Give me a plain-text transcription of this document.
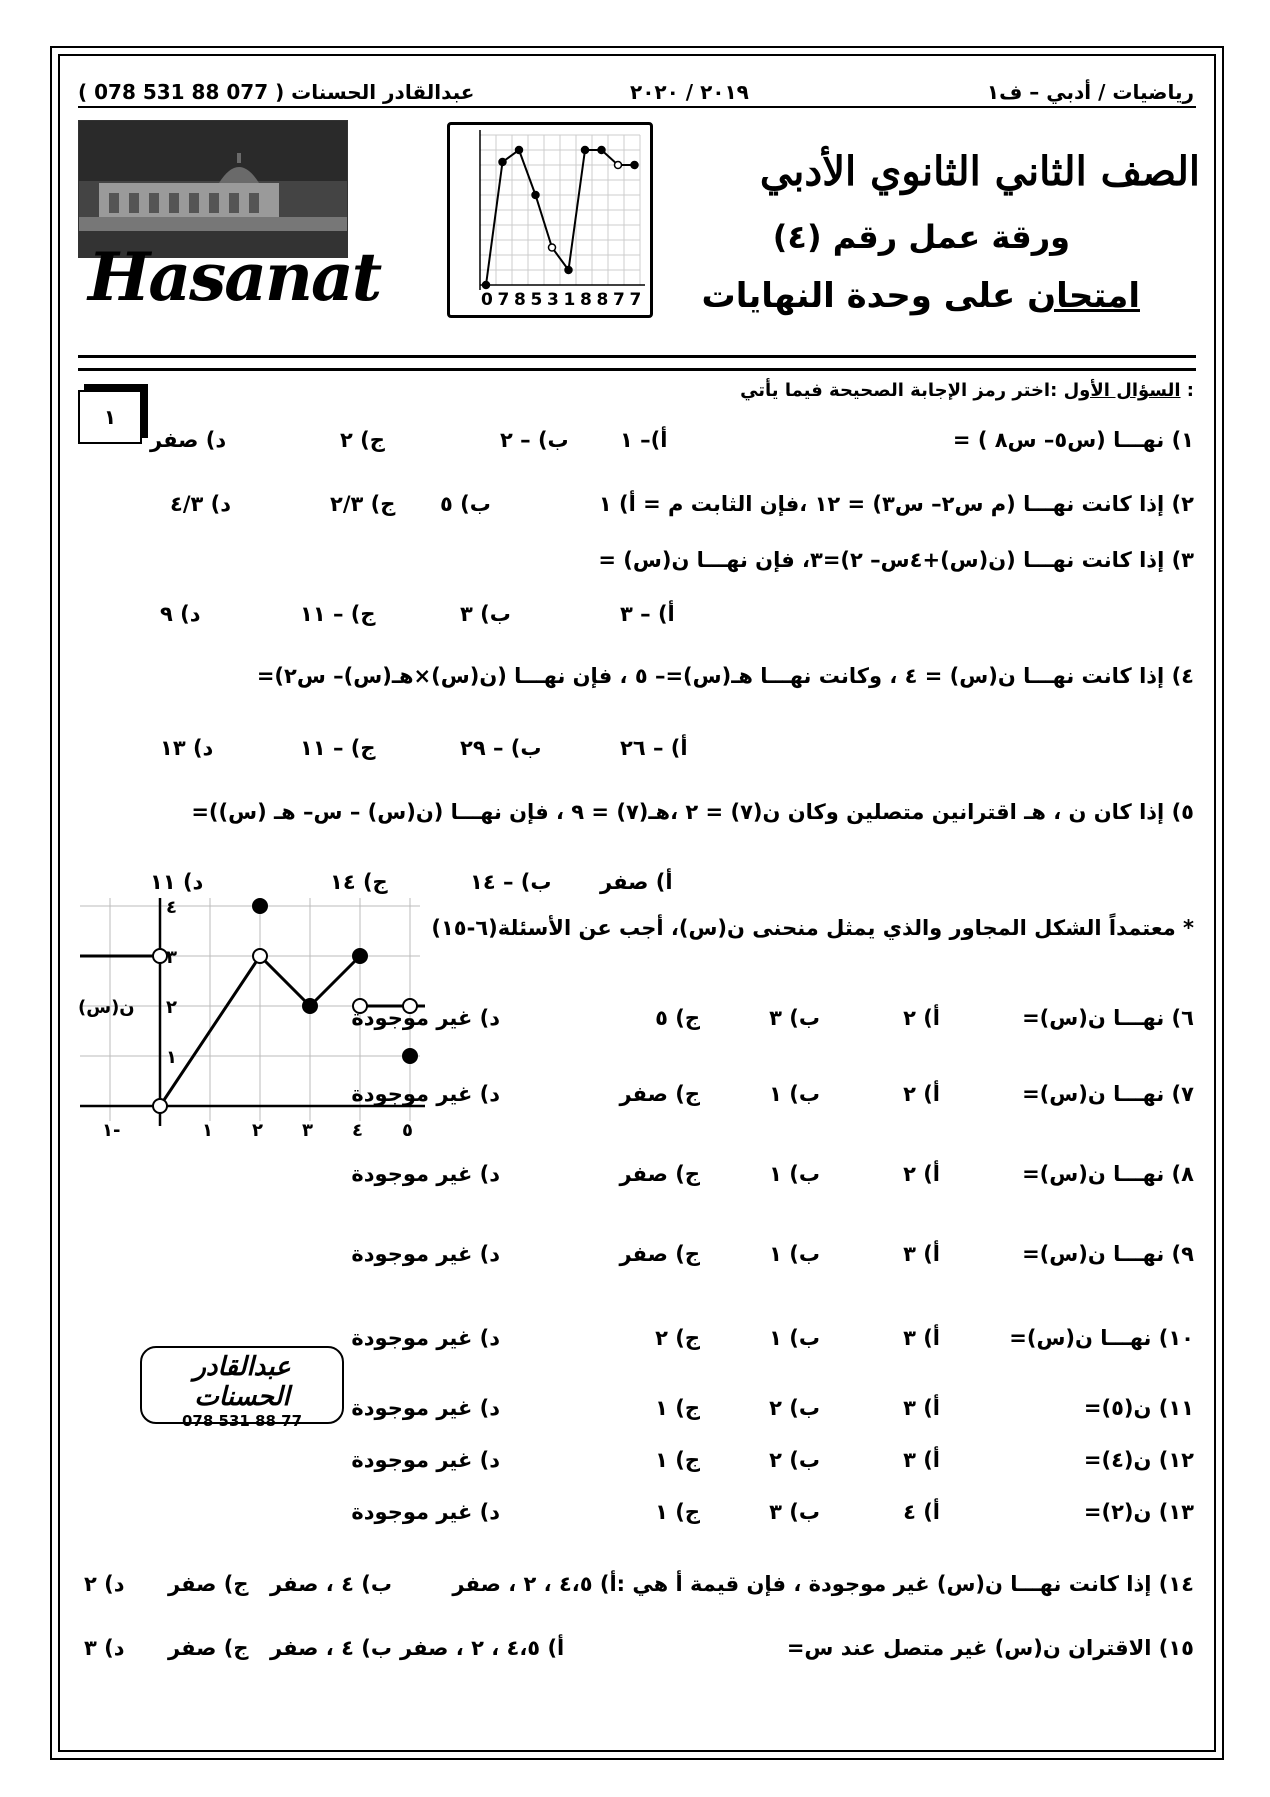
رياضيات / أدبي – ف١
٢٠١٩ / ٢٠٢٠
عبدالقادر الحسنات ( 077 88 531 078 )
Hasanat	0 7 8 5 3 1 8 8 7 7
الصف الثاني الثانوي الأدبي
ورقة عمل رقم (٤)
امتحان على وحدة النهايات
السؤال الأول :اختر رمز الإجابة الصحيحة فيما يأتي :
١
١) نهـــا (س٥– س٨ ) =
أ)– ١
ب) – ٢
ج) ٢
د) صفر
٢) إذا كانت نهـــا (م س٢– س٣) = ١٢ ،فإن الثابت م = أ) ١
ب) ٥
ج) ٢/٣
د) ٤/٣
٣) إذا كانت نهـــا (ن(س)+٤س– ٢)=٣، فإن نهـــا ن(س) =
أ) – ٣
ب) ٣
ج) – ١١
د) ٩
٤) إذا كانت نهـــا ن(س) = ٤ ، وكانت نهـــا هـ(س)=– ٥ ، فإن نهـــا (ن(س)×هـ(س)– س٢)=
أ) – ٢٦
ب) – ٢٩
ج) – ١١
د) ١٣
٥) إذا كان ن ، هـ اقترانين متصلين وكان ن(٧) = ٢ ،هـ(٧) = ٩ ، فإن نهـــا (ن(س) – س– هـ (س))=
أ) صفر
ب) – ١٤
ج) ١٤
د) ١١
* معتمداً الشكل المجاور والذي يمثل منحنى ن(س)، أجب عن الأسئلة(٦-١٥)
١-	١ ٢ ٣ ٤ ٥
١
٢
٣
٤
ن(س)	٦) نهـــا ن(س)=
أ) ٢
ب) ٣
ج) ٥
د) غير موجودة
٧) نهـــا ن(س)=
أ) ٢
ب) ١
ج) صفر
د) غير موجودة
٨) نهـــا ن(س)=
أ) ٢
ب) ١
ج) صفر
د) غير موجودة
٩) نهـــا ن(س)=
أ) ٣
ب) ١
ج) صفر
د) غير موجودة
١٠) نهـــا ن(س)=
أ) ٣
ب) ١
ج) ٢
د) غير موجودة
١١) ن(٥)=
أ) ٣
ب) ٢
ج) ١
د) غير موجودة
١٢) ن(٤)=
أ) ٣
ب) ٢
ج) ١
د) غير موجودة
١٣) ن(٢)=
أ) ٤
ب) ٣
ج) ١
د) غير موجودة
عبدالقادر الحسنات
078 531 88 77
١٤) إذا كانت نهـــا ن(س) غير موجودة ، فإن قيمة أ هي :أ) ٤،٥ ، ٢ ، صفر
ب) ٤ ، صفر
ج) صفر
د) ٢
١٥) الاقتران ن(س) غير متصل عند س=
أ) ٤،٥ ، ٢ ، صفر
ب) ٤ ، صفر
ج) صفر
د) ٣
